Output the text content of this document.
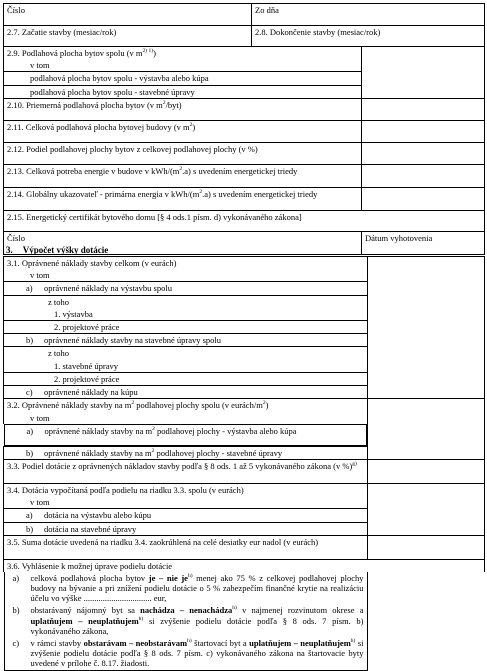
Číslo	Zo dňa	
2.7. Začatie stavby (mesiac/rok)	2.8. Dokončenie stavby (mesiac/rok)	
2.9. Podlahová plocha bytov spolu (v $m^{2) 1)}$)		
v tom		
podlahová plocha bytov spolu - výstavba alebo kúpa		
podlahová plocha bytov spolu - stavebné úpravy		
2.10. Priemerná podlahová plocha bytov (v $m^2/byt$)		
2.11. Celková podlahová plocha bytovej budovy (v $m^2$)		
2.12. Podiel podlahovej plochy bytov z celkovej podlahovej plochy (v %)		
2.13. Celková potreba energie v budove v kWh/$(m^2.a)$ s uvedením energetickej triedy		
2.14. Globálny ukazovateľ - primárna energia v kWh/$(m^2.a)$ s uvedením energetickej triedy		
2.15. Energetický certifikát bytového domu [§ 4 ods.1 písm. d) vykonávaného zákona]		
Číslo		Dátum vyhotovenia
3. Výpočet výšky dotácie
3.1. Oprávnené náklady stavby celkom (v eurách)	
v tom	
a) oprávnené náklady na výstavbu spolu	
z toho	
1. výstavba	
2. projektové práce	
b) oprávnené náklady stavby na stavebné úpravy spolu	
z toho	
1. stavebné úpravy	
2. projektové práce	
c) oprávnené náklady na kúpu	
3.2. Oprávnené náklady stavby na $m^2$ podlahovej plochy spolu (v eurách/$m^2$)	
v tom	

a)	oprávnené náklady stavby na $m^2$ podlahovej plochy - výstavba alebo kúpa

b) oprávnené náklady stavby na $m^2$ podlahovej plochy - stavebné úpravy	
3.3. Podiel dotácie z oprávnených nákladov stavby podľa § 8 ods. 1 až 5 vykonávaného zákona (v %)$^{g)}$	
3.4. Dotácia vypočítaná podľa podielu na riadku 3.3. spolu (v eurách)	
v tom	
a) dotácia na výstavbu alebo kúpu	
b) dotácia na stavebné úpravy	
3.5. Suma dotácie uvedená na riadku 3.4. zaokrúhlená na celé desiatky eur nadol (v eurách)	
3.6. Vyhlásenie k možnej úprave podielu dotácie	

a)	celková podlahová plocha bytov je – nie $je^{h)}$ menej ako 75 % z celkovej podlahovej plochy budovy na bývanie a pri znížení podielu dotácie o 5 % zabezpečím finančné krytie na realizáciu účelu vo výške ................................ eur,

b)	obstarávaný nájomný byt sa nachádza – nenachádza$^{h)}$ v najmenej rozvinutom okrese a uplatňujem – neuplatňujem$^{h)}$ si zvýšenie podielu dotácie podľa § 8 ods. 7 písm. b) vykonávaného zákona,

c)	v rámci stavby obstarávam – neobstarávam$^{h)}$ štartovací byt a uplatňujem – neuplatňujem$^{h)}$ si zvýšenie podielu dotácie podľa § 8 ods. 7 písm. c) vykonávaného zákona na štartovacie byty uvedené v prílohe č. 8.17. žiadosti.
